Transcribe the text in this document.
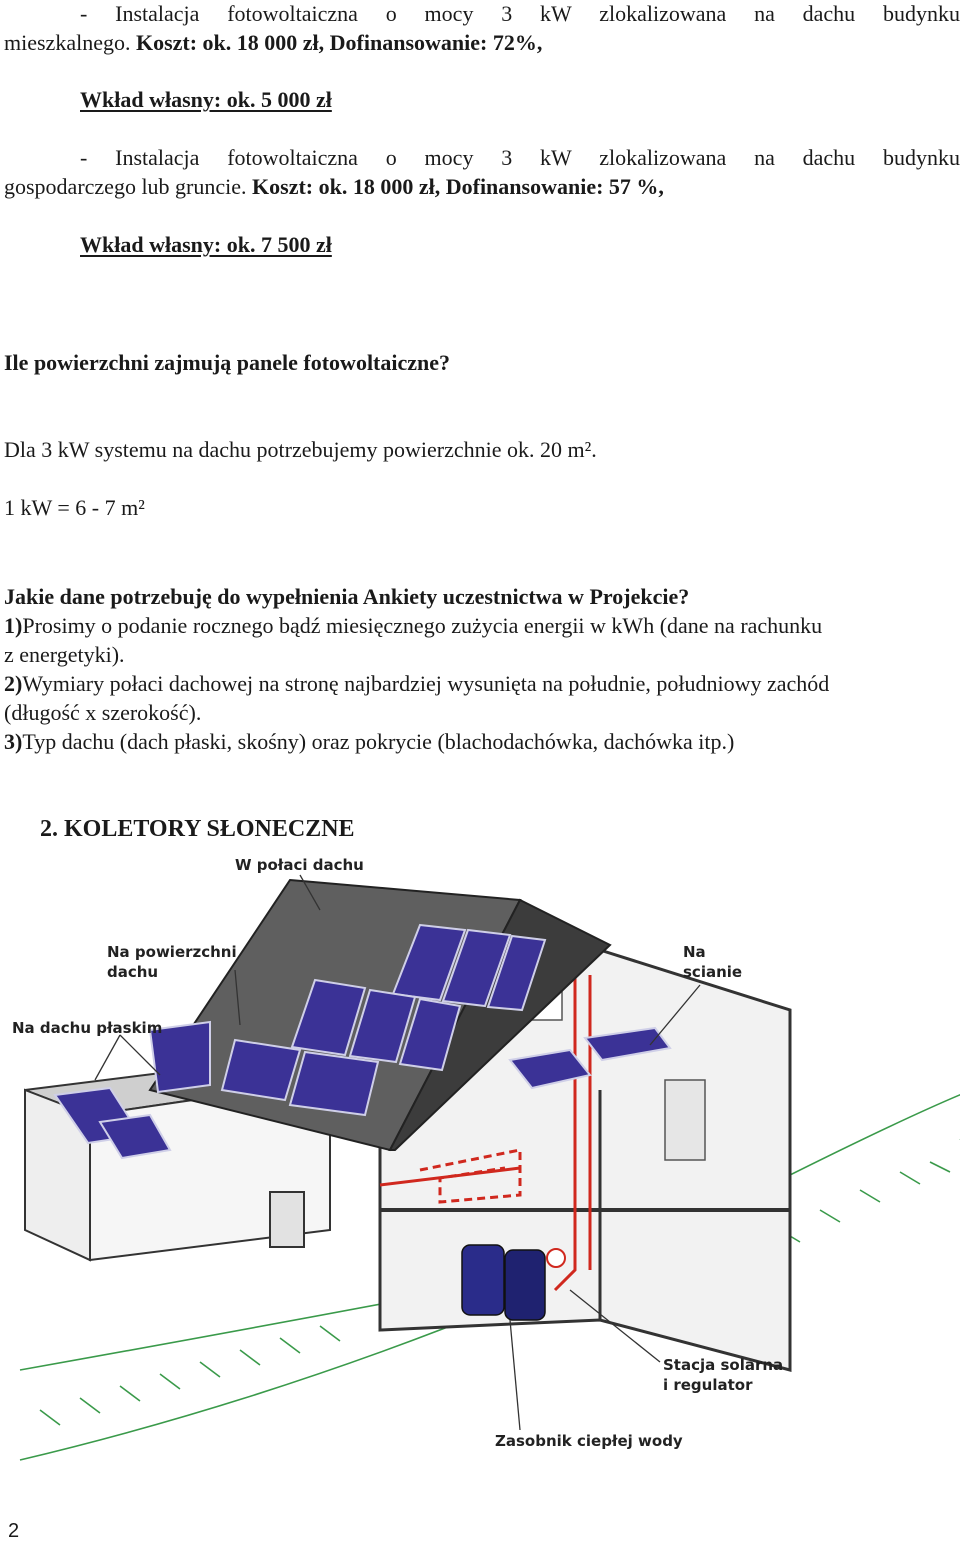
- Instalacja fotowoltaiczna o mocy 3 kW zlokalizowana na dachu budynku
mieszkalnego. Koszt: ok. 18 000 zł, Dofinansowanie: 72%,
Wkład własny: ok. 5 000 zł
- Instalacja fotowoltaiczna o mocy 3 kW zlokalizowana na dachu budynku
gospodarczego lub gruncie. Koszt: ok. 18 000 zł, Dofinansowanie: 57 %,
Wkład własny: ok. 7 500 zł
Ile powierzchni zajmują panele fotowoltaiczne?
Dla 3 kW systemu na dachu potrzebujemy powierzchnie ok. 20 m².
1 kW = 6 - 7 m²
Jakie dane potrzebuję do wypełnienia Ankiety uczestnictwa w Projekcie?
1)Prosimy o podanie rocznego bądź miesięcznego zużycia energii w kWh (dane na rachunku
z energetyki).
2)Wymiary połaci dachowej na stronę najbardziej wysunięta na południe, południowy zachód
(długość x szerokość).
3)Typ dachu (dach płaski, skośny) oraz pokrycie (blachodachówka, dachówka itp.)
2. KOLETORY SŁONECZNE
W połaci dachu
Na powierzchni
dachu
Na dachu płaskim
Na
scianie
Stacja solarna
i regulator
Zasobnik ciepłej wody
2
